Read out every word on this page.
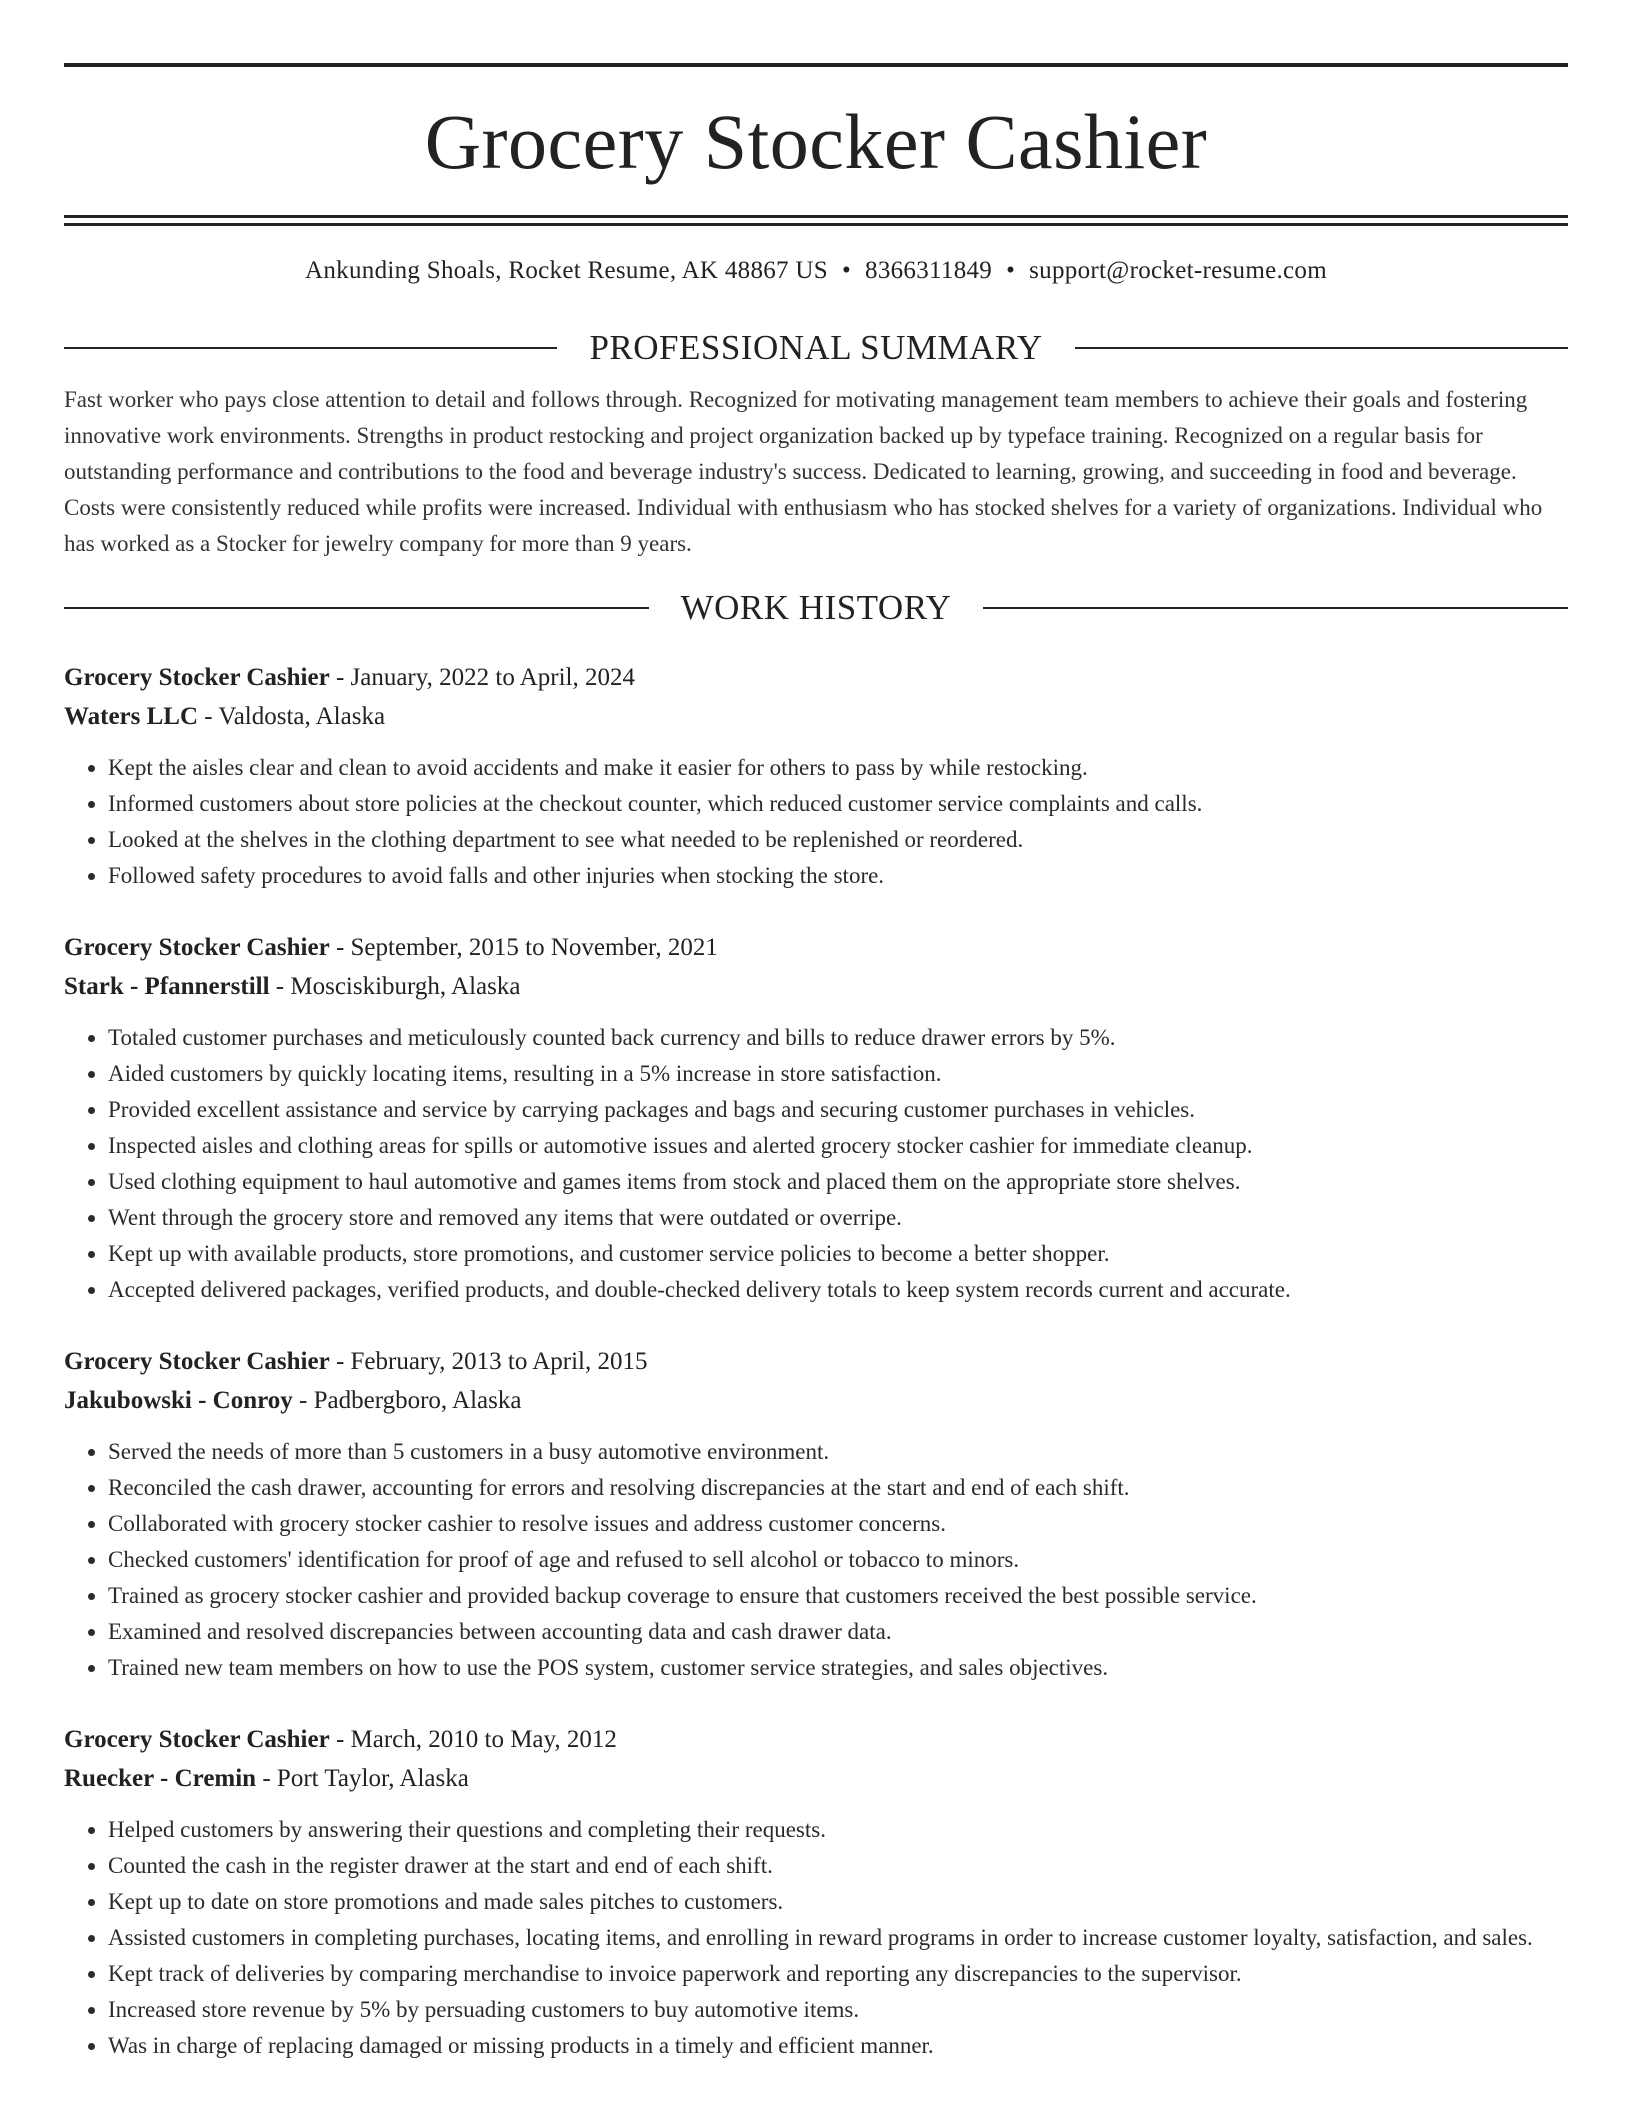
Grocery Stocker Cashier
Ankunding Shoals, Rocket Resume, AK 48867 US • 8366311849 • support@rocket-resume.com
PROFESSIONAL SUMMARY

Fast worker who pays close attention to detail and follows through. Recognized for motivating management team members to achieve their goals and fostering innovative work environments. Strengths in product restocking and project organization backed up by typeface training. Recognized on a regular basis for outstanding performance and contributions to the food and beverage industry's success. Dedicated to learning, growing, and succeeding in food and beverage. Costs were consistently reduced while profits were increased. Individual with enthusiasm who has stocked shelves for a variety of organizations. Individual who has worked as a Stocker for jewelry company for more than 9 years.

WORK HISTORY
Grocery Stocker Cashier - January, 2022 to April, 2024
Waters LLC - Valdosta, Alaska
• Kept the aisles clear and clean to avoid accidents and make it easier for others to pass by while restocking.
• Informed customers about store policies at the checkout counter, which reduced customer service complaints and calls.
• Looked at the shelves in the clothing department to see what needed to be replenished or reordered.
• Followed safety procedures to avoid falls and other injuries when stocking the store.
Grocery Stocker Cashier - September, 2015 to November, 2021
Stark - Pfannerstill - Mosciskiburgh, Alaska
• Totaled customer purchases and meticulously counted back currency and bills to reduce drawer errors by 5%.
• Aided customers by quickly locating items, resulting in a 5% increase in store satisfaction.
• Provided excellent assistance and service by carrying packages and bags and securing customer purchases in vehicles.
• Inspected aisles and clothing areas for spills or automotive issues and alerted grocery stocker cashier for immediate cleanup.
• Used clothing equipment to haul automotive and games items from stock and placed them on the appropriate store shelves.
• Went through the grocery store and removed any items that were outdated or overripe.
• Kept up with available products, store promotions, and customer service policies to become a better shopper.
• Accepted delivered packages, verified products, and double-checked delivery totals to keep system records current and accurate.
Grocery Stocker Cashier - February, 2013 to April, 2015
Jakubowski - Conroy - Padbergboro, Alaska
• Served the needs of more than 5 customers in a busy automotive environment.
• Reconciled the cash drawer, accounting for errors and resolving discrepancies at the start and end of each shift.
• Collaborated with grocery stocker cashier to resolve issues and address customer concerns.
• Checked customers' identification for proof of age and refused to sell alcohol or tobacco to minors.
• Trained as grocery stocker cashier and provided backup coverage to ensure that customers received the best possible service.
• Examined and resolved discrepancies between accounting data and cash drawer data.
• Trained new team members on how to use the POS system, customer service strategies, and sales objectives.
Grocery Stocker Cashier - March, 2010 to May, 2012
Ruecker - Cremin - Port Taylor, Alaska
• Helped customers by answering their questions and completing their requests.
• Counted the cash in the register drawer at the start and end of each shift.
• Kept up to date on store promotions and made sales pitches to customers.
• Assisted customers in completing purchases, locating items, and enrolling in reward programs in order to increase customer loyalty, satisfaction, and sales.
• Kept track of deliveries by comparing merchandise to invoice paperwork and reporting any discrepancies to the supervisor.
• Increased store revenue by 5% by persuading customers to buy automotive items.
• Was in charge of replacing damaged or missing products in a timely and efficient manner.
